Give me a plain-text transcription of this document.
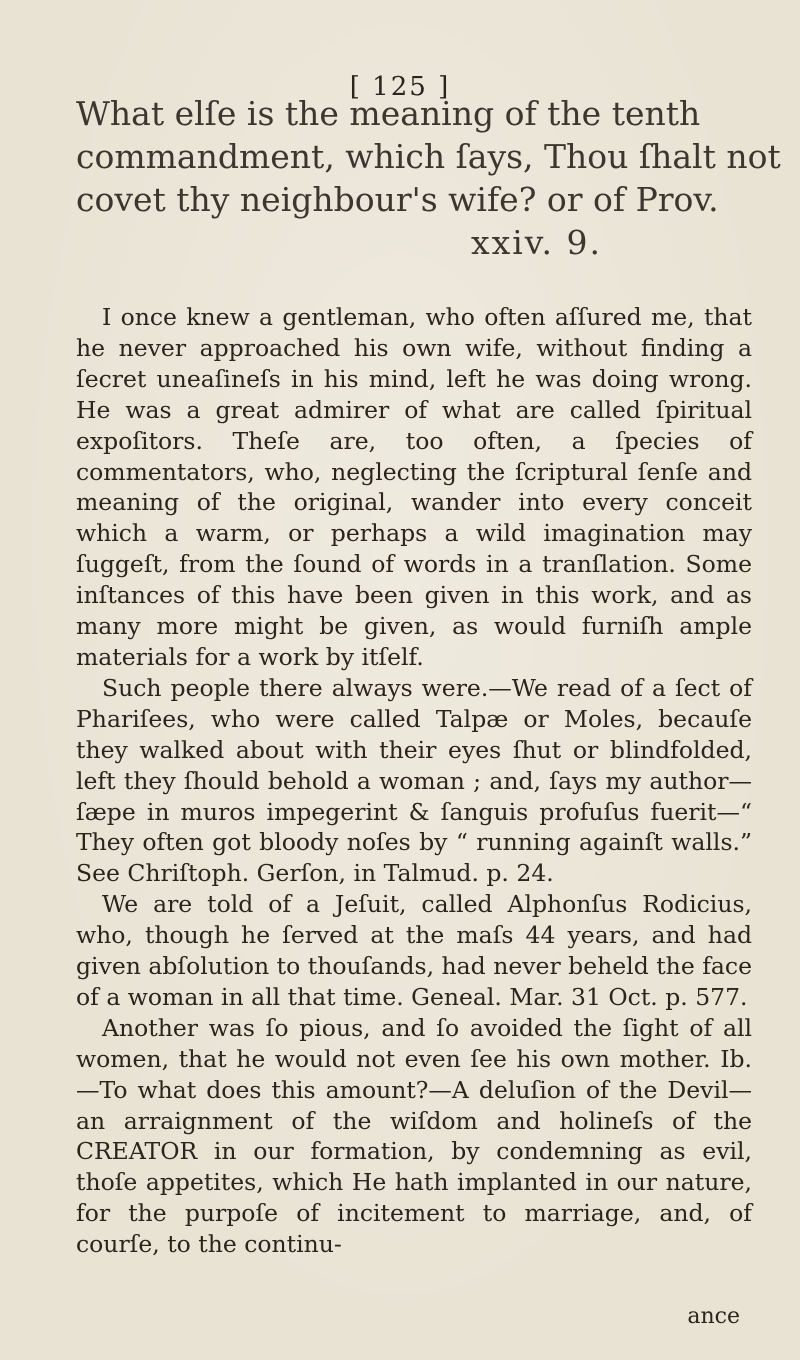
[ 125 ]
What elſe is the meaning of the tenth
commandment, which ſays, Thou ſhalt not
covet thy neighbour's wife? or of Prov.
xxiv. 9.

I once knew a gentleman, who often aſſured me, that he never approached his own wife, without finding a ſecret uneaſineſs in his mind, left he was doing wrong. He was a great admirer of what are called ſpiritual expoſitors. Theſe are, too often, a ſpecies of commentators, who, neglecting the ſcriptural ſenſe and meaning of the original, wander into every conceit which a warm, or perhaps a wild imagination may ſuggeſt, from the ſound of words in a tranſlation. Some inſtances of this have been given in this work, and as many more might be given, as would furniſh ample materials for a work by itſelf.

Such people there always were.—We read of a ſect of Phariſees, who were called Talpæ or Moles, becauſe they walked about with their eyes ſhut or blindfolded, left they ſhould behold a woman ; and, ſays my author—ſæpe in muros impegerint & ſanguis profuſus fuerit—“ They often got bloody noſes by “ running againſt walls.” See Chriſtoph. Gerſon, in Talmud. p. 24.

We are told of a Jeſuit, called Alphonſus Rodicius, who, though he ſerved at the maſs 44 years, and had given abſolution to thouſands, had never beheld the face of a woman in all that time. Geneal. Mar. 31 Oct. p. 577.

Another was ſo pious, and ſo avoided the ſight of all women, that he would not even ſee his own mother. Ib.—To what does this amount?—A deluſion of the Devil—an arraignment of the wiſdom and holineſs of the CREATOR in our formation, by condemning as evil, thoſe appetites, which He hath implanted in our nature, for the purpoſe of incitement to marriage, and, of courſe, to the continu-

ance
